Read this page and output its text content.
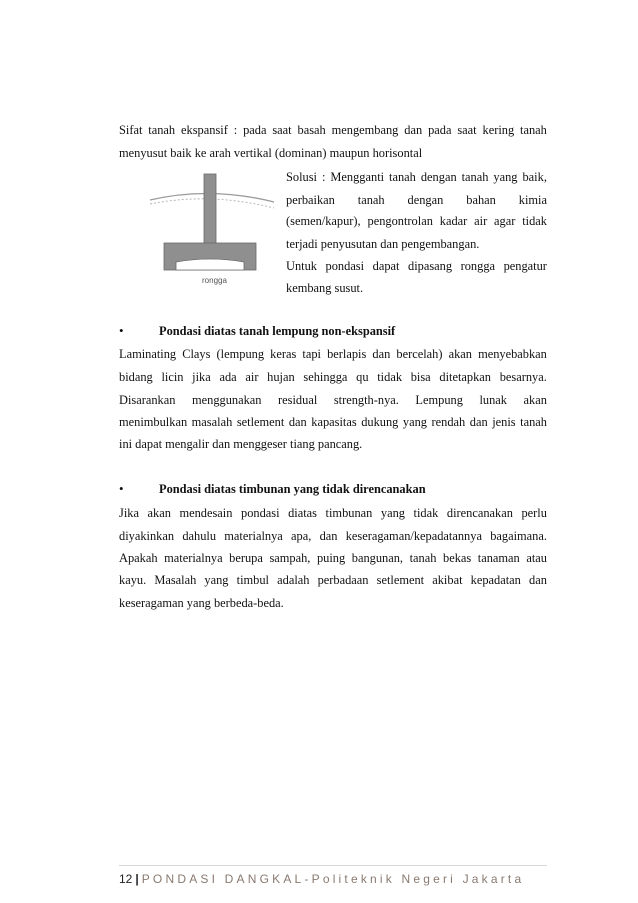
Sifat tanah ekspansif : pada saat basah mengembang dan pada saat kering tanah
menyusut baik ke arah vertikal (dominan) maupun horisontal
rongga
Solusi : Mengganti tanah dengan tanah yang baik,
perbaikan tanah dengan bahan kimia
(semen/kapur), pengontrolan kadar air agar tidak
terjadi penyusutan dan pengembangan.
Untuk pondasi dapat dipasang rongga pengatur
kembang susut.
•	Pondasi diatas tanah lempung non-ekspansif
Laminating Clays (lempung keras tapi berlapis dan bercelah) akan menyebabkan
bidang licin jika ada air hujan sehingga qu tidak bisa ditetapkan besarnya.
Disarankan menggunakan residual strength-nya. Lempung lunak akan
menimbulkan masalah setlement dan kapasitas dukung yang rendah dan jenis tanah
ini dapat mengalir dan menggeser tiang pancang.
•	Pondasi diatas timbunan yang tidak direncanakan
Jika akan mendesain pondasi diatas timbunan yang tidak direncanakan perlu
diyakinkan dahulu materialnya apa, dan keseragaman/kepadatannya bagaimana.
Apakah materialnya berupa sampah, puing bangunan, tanah bekas tanaman atau
kayu. Masalah yang timbul adalah perbadaan setlement akibat kepadatan dan
keseragaman yang berbeda-beda.
12 | PONDASI DANGKAL-Politeknik Negeri Jakarta
